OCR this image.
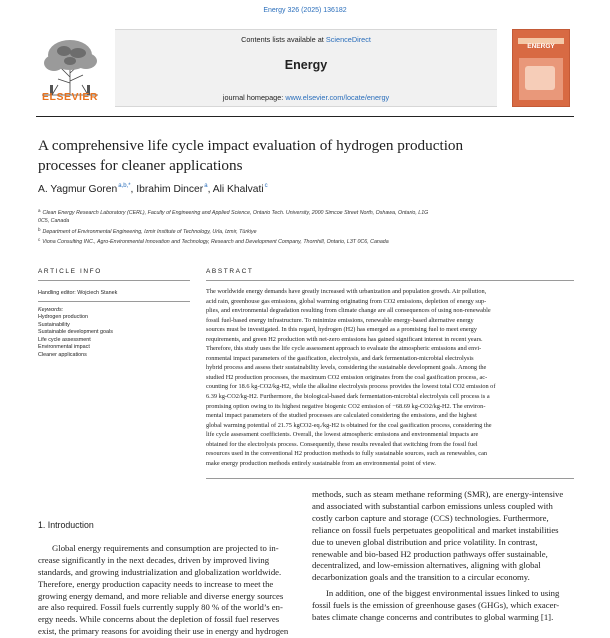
Energy 326 (2025) 136182
ELSEVIER
Contents lists available at ScienceDirect
Energy
journal homepage: www.elsevier.com/locate/energy
ENERGY
A comprehensive life cycle impact evaluation of hydrogen production
processes for cleaner applications
A. Yagmur Goren$^{a,b,*}$, Ibrahim Dincer$^a$, Ali Khalvati$^c$
$^a$ Clean Energy Research Laboratory (CERL), Faculty of Engineering and Applied Science, Ontario Tech. University, 2000 Simcoe Street North, Oshawa, Ontario, L1G
0C5, Canada
$^b$ Department of Environmental Engineering, Izmir Institute of Technology, Urla, Izmir, Türkiye
$^c$ Viona Consulting INC., Agro-Environmental Innovation and Technology, Research and Development Company, Thornhill, Ontario, L3T 0C6, Canada
ARTICLE INFO	ABSTRACT
Handling editor: Wojciech Stanek
Keywords:
Hydrogen production
Sustainability
Sustainable development goals
Life cycle assessment
Environmental impact
Cleaner applications
The worldwide energy demands have greatly increased with urbanization and population growth. Air pollution,
acid rain, greenhouse gas emissions, global warming originating from CO2 emissions, depletion of energy sup-
plies, and environmental degradation resulting from climate change are all consequences of using non-renewable
fossil fuel-based energy infrastructure. To minimize emissions, renewable energy-based alternative energy
sources must be investigated. In this regard, hydrogen (H2) has emerged as a promising fuel to meet energy
requirements, and green H2 production with net-zero emissions has gained significant interest in recent years.
Therefore, this study uses the life cycle assessment approach to evaluate the atmospheric emissions and envi-
ronmental impact parameters of the gasification, electrolysis, and dark fermentation-microbial electrolysis
hybrid process and assess their sustainability levels, considering the sustainable development goals. Among the
studied H2 production processes, the maximum CO2 emission originates from the coal gasification process, ac-
counting for 18.6 kg-CO2/kg-H2, while the alkaline electrolysis process provides the lowest total CO2 emission of
6.39 kg-CO2/kg-H2. Furthermore, the biological-based dark fermentation-microbial electrolysis cell process is a
promising option owing to its highest negative biogenic CO2 emission of −68.69 kg-CO2/kg-H2. The environ-
mental impact parameters of the studied processes are calculated considering the emissions, and the highest
global warming potential of 21.75 kgCO2-eq./kg-H2 is obtained for the coal gasification process, considering the
life cycle assessment coefficients. Overall, the lowest atmospheric emissions and environmental impacts are
obtained for the electrolysis process. Consequently, these results revealed that switching from the fossil fuel
resources used in the conventional H2 production methods to fully sustainable sources, such as renewables, can
make energy production methods entirely sustainable from an environmental point of view.
1. Introduction

Global energy requirements and consumption are projected to in-

crease significantly in the next decades, driven by improved living
standards, and growing industrialization and globalization worldwide.
Therefore, energy production capacity needs to increase to meet the
growing energy demand, and more reliable and diverse energy sources
are also required. Fossil fuels currently supply 80 % of the world’s en-
ergy needs. While concerns about the depletion of fossil fuel reserves
exist, the primary reasons for avoiding their use in energy and hydrogen
methods, such as steam methane reforming (SMR), are energy-intensive
and associated with substantial carbon emissions unless coupled with
costly carbon capture and storage (CCS) technologies. Furthermore,
reliance on fossil fuels perpetuates geopolitical and market instabilities
due to uneven global distribution and price volatility. In contrast,
renewable and bio-based H2 production pathways offer sustainable,
decentralized, and low-emission alternatives, aligning with global
decarbonization goals and the transition to a circular economy.

In addition, one of the biggest environmental issues linked to using

fossil fuels is the emission of greenhouse gases (GHGs), which exacer-
bates climate change concerns and contributes to global warming [1].
